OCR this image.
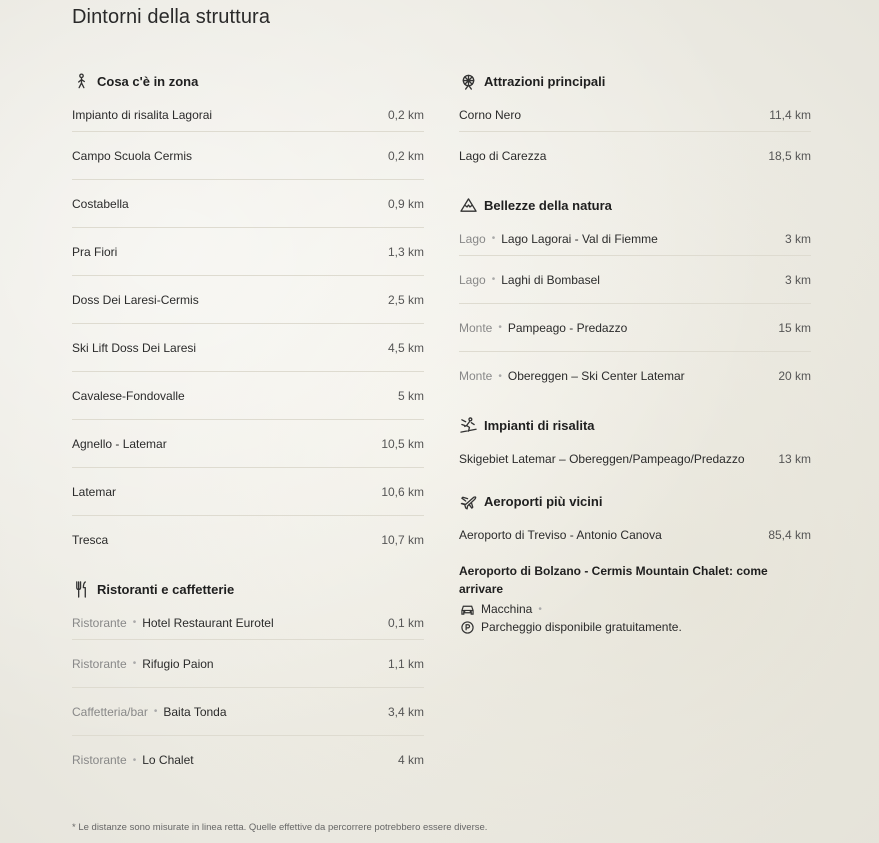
Dintorni della struttura
Cosa c'è in zona
Impianto di risalita Lagorai	0,2 km
Campo Scuola Cermis	0,2 km
Costabella	0,9 km
Pra Fiori	1,3 km
Doss Dei Laresi-Cermis	2,5 km
Ski Lift Doss Dei Laresi	4,5 km
Cavalese-Fondovalle	5 km
Agnello - Latemar	10,5 km
Latemar	10,6 km
Tresca	10,7 km
Ristoranti e caffetterie
Ristorante • Hotel Restaurant Eurotel	0,1 km
Ristorante • Rifugio Paion	1,1 km
Caffetteria/bar • Baita Tonda	3,4 km
Ristorante • Lo Chalet	4 km
Attrazioni principali
Corno Nero	11,4 km
Lago di Carezza	18,5 km
Bellezze della natura
Lago • Lago Lagorai - Val di Fiemme	3 km
Lago • Laghi di Bombasel	3 km
Monte • Pampeago - Predazzo	15 km
Monte • Obereggen – Ski Center Latemar	20 km
Impianti di risalita
Skigebiet Latemar – Obereggen/Pampeago/Predazzo	13 km
Aeroporti più vicini
Aeroporto di Treviso - Antonio Canova	85,4 km
Aeroporto di Bolzano - Cermis Mountain Chalet: come arrivare
Macchina •
Parcheggio disponibile gratuitamente.
* Le distanze sono misurate in linea retta. Quelle effettive da percorrere potrebbero essere diverse.
